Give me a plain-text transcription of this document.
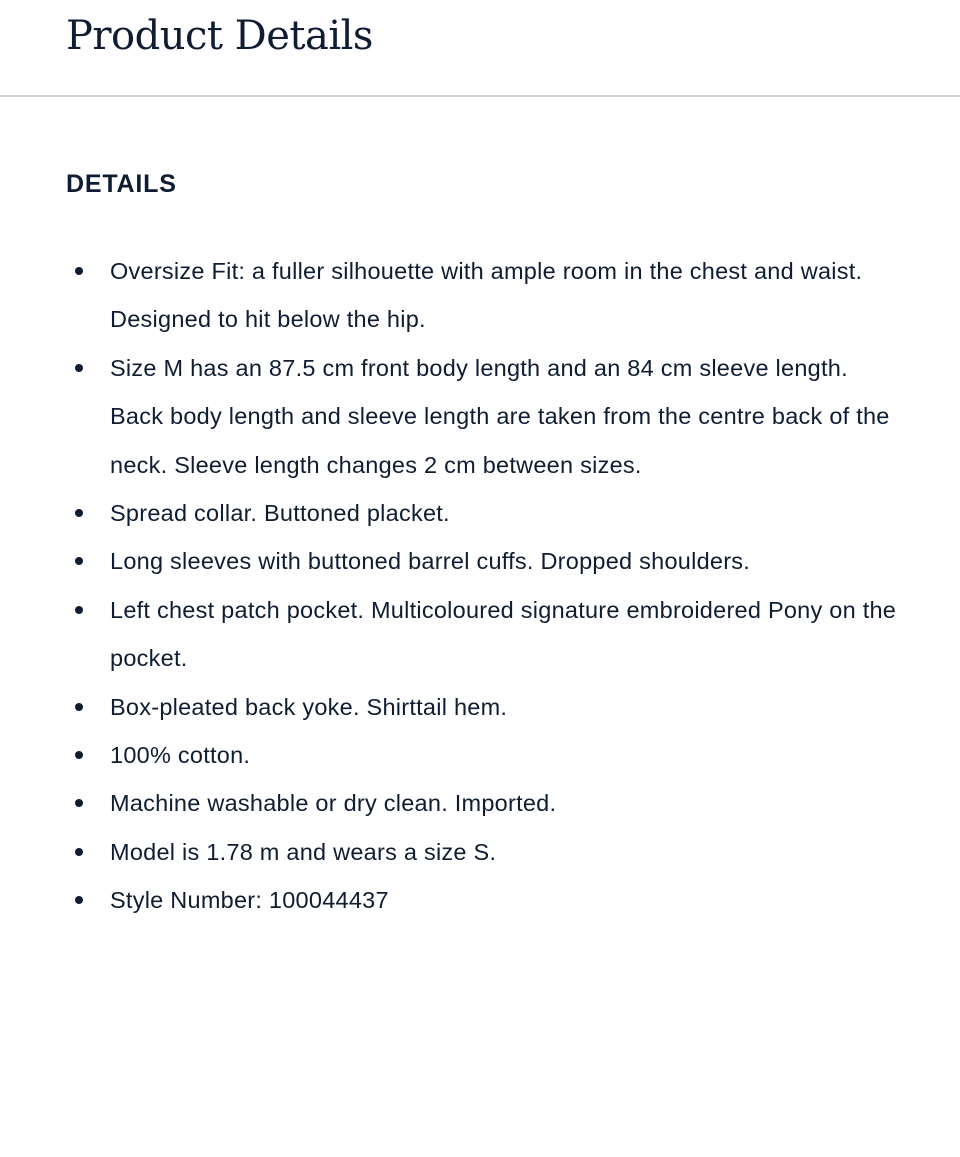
Product Details
DETAILS
Oversize Fit: a fuller silhouette with ample room in the chest and waist. Designed to hit below the hip.
Size M has an 87.5 cm front body length and an 84 cm sleeve length. Back body length and sleeve length are taken from the centre back of the neck. Sleeve length changes 2 cm between sizes.
Spread collar. Buttoned placket.
Long sleeves with buttoned barrel cuffs. Dropped shoulders.
Left chest patch pocket. Multicoloured signature embroidered Pony on the pocket.
Box-pleated back yoke. Shirttail hem.
100% cotton.
Machine washable or dry clean. Imported.
Model is 1.78 m and wears a size S.
Style Number: 100044437
